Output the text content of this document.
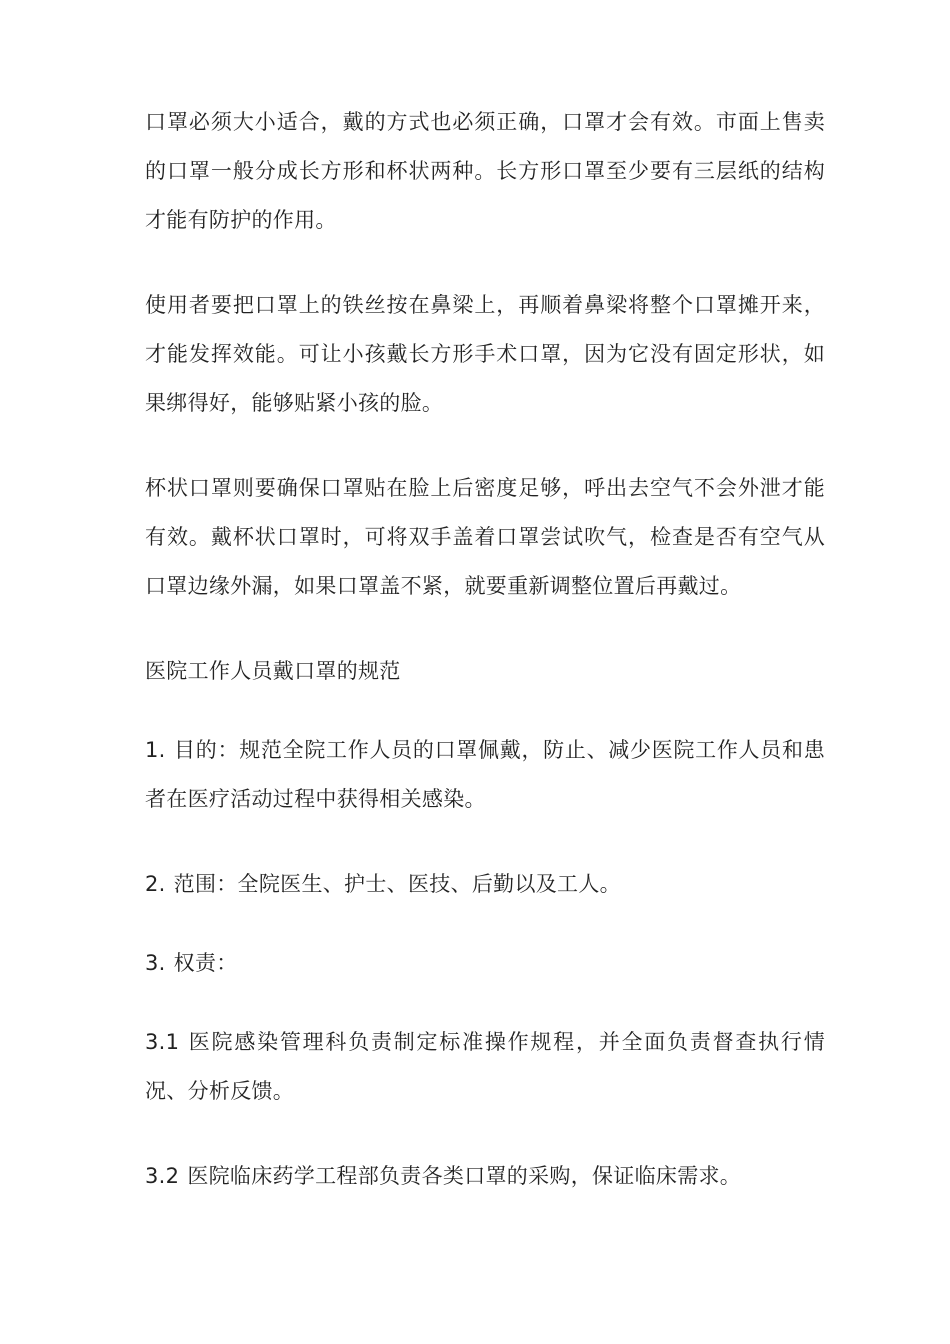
口罩必须大小适合，戴的方式也必须正确，口罩才会有效。市面上售卖的口罩一般分成长方形和杯状两种。长方形口罩至少要有三层纸的结构才能有防护的作用。

使用者要把口罩上的铁丝按在鼻梁上，再顺着鼻梁将整个口罩摊开来，才能发挥效能。可让小孩戴长方形手术口罩，因为它没有固定形状，如果绑得好，能够贴紧小孩的脸。

杯状口罩则要确保口罩贴在脸上后密度足够，呼出去空气不会外泄才能有效。戴杯状口罩时，可将双手盖着口罩尝试吹气，检查是否有空气从口罩边缘外漏，如果口罩盖不紧，就要重新调整位置后再戴过。

医院工作人员戴口罩的规范

1. 目的：规范全院工作人员的口罩佩戴，防止、减少医院工作人员和患者在医疗活动过程中获得相关感染。

2. 范围：全院医生、护士、医技、后勤以及工人。

3. 权责：

3.1 医院感染管理科负责制定标准操作规程，并全面负责督查执行情况、分析反馈。

3.2 医院临床药学工程部负责各类口罩的采购，保证临床需求。
